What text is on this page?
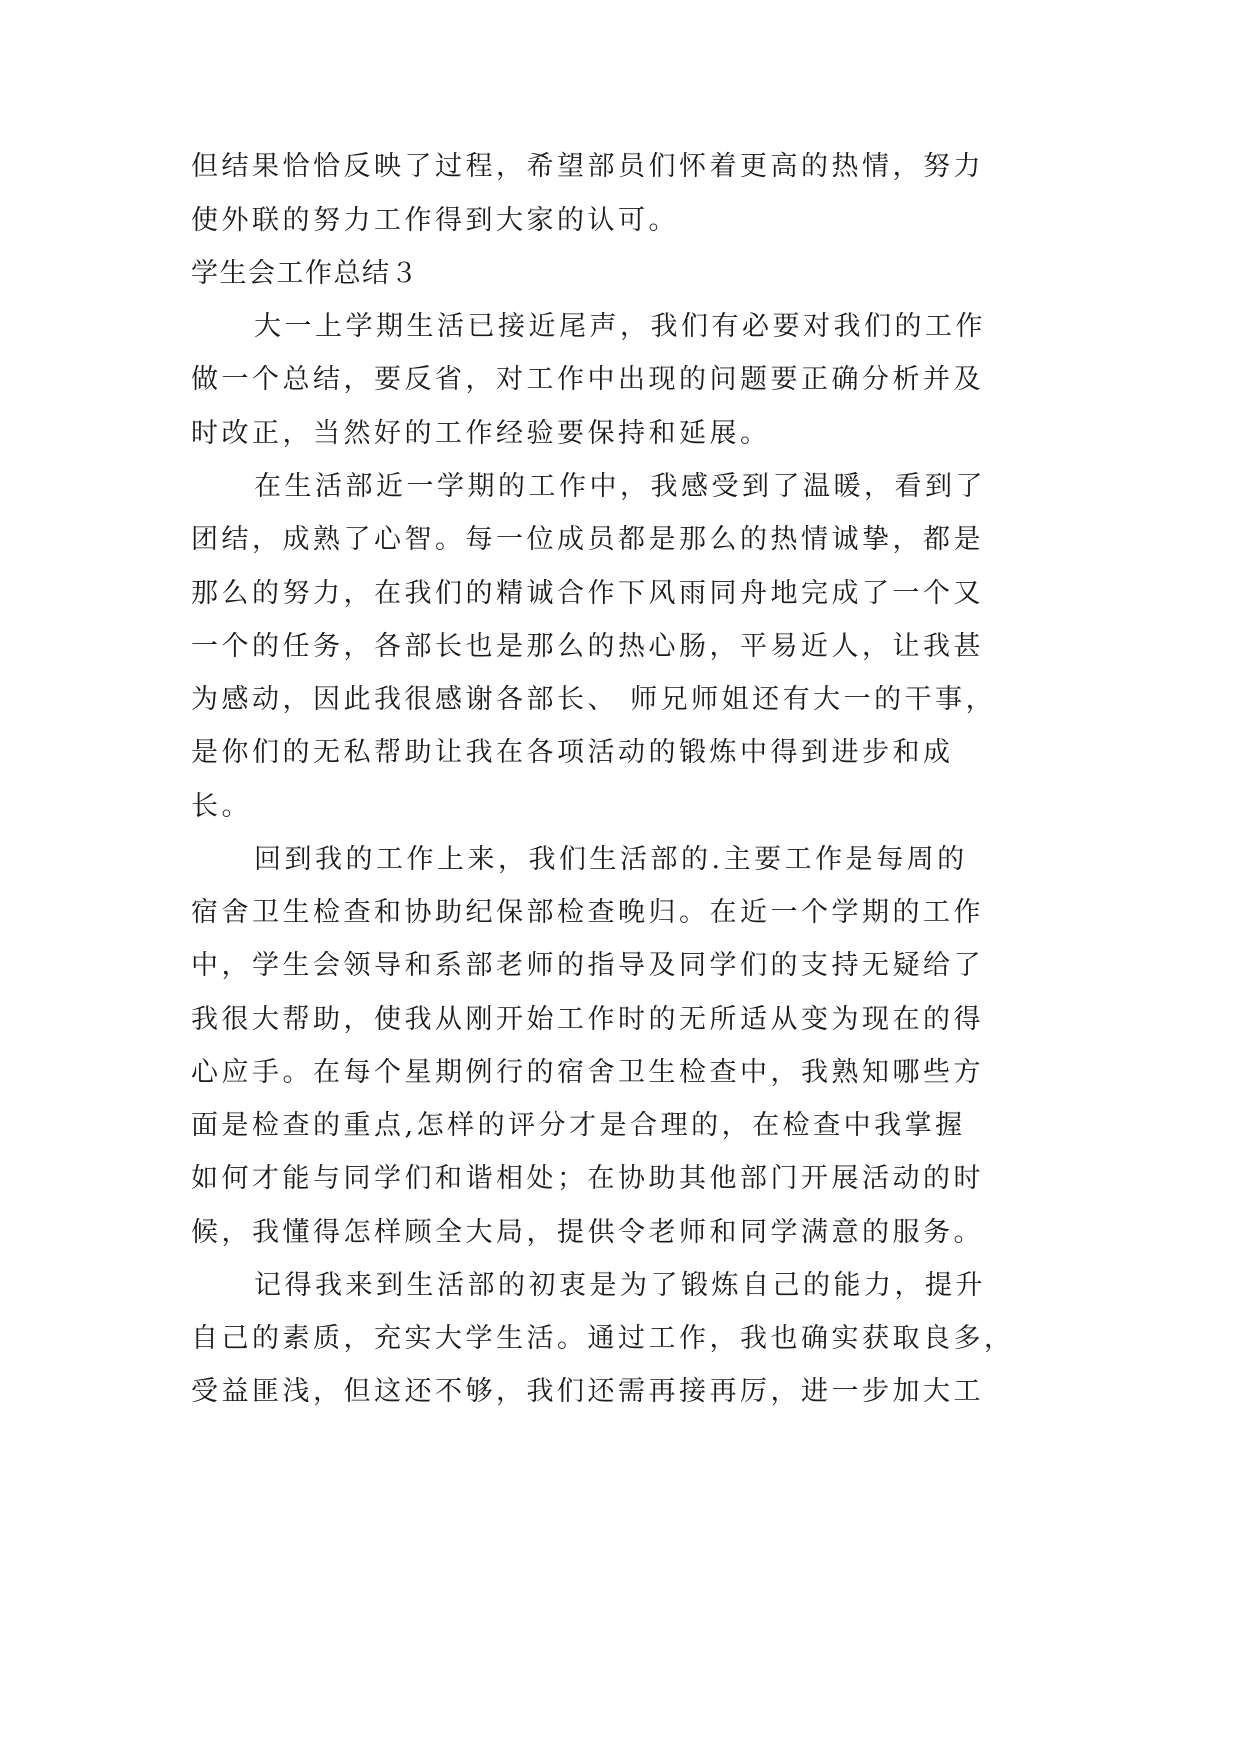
但结果恰恰反映了过程，希望部员们怀着更高的热情，努力
使外联的努力工作得到大家的认可。
学生会工作总结３
大一上学期生活已接近尾声，我们有必要对我们的工作
做一个总结，要反省，对工作中出现的问题要正确分析并及
时改正，当然好的工作经验要保持和延展。
在生活部近一学期的工作中，我感受到了温暖，看到了
团结，成熟了心智。每一位成员都是那么的热情诚挚，都是
那么的努力，在我们的精诚合作下风雨同舟地完成了一个又
一个的任务，各部长也是那么的热心肠，平易近人，让我甚
为感动，因此我很感谢各部长、 师兄师姐还有大一的干事，
是你们的无私帮助让我在各项活动的锻炼中得到进步和成
长。
回到我的工作上来，我们生活部的.主要工作是每周的
宿舍卫生检查和协助纪保部检查晚归。在近一个学期的工作
中，学生会领导和系部老师的指导及同学们的支持无疑给了
我很大帮助，使我从刚开始工作时的无所适从变为现在的得
心应手。在每个星期例行的宿舍卫生检查中，我熟知哪些方
面是检查的重点,怎样的评分才是合理的，在检查中我掌握
如何才能与同学们和谐相处；在协助其他部门开展活动的时
候，我懂得怎样顾全大局，提供令老师和同学满意的服务。
记得我来到生活部的初衷是为了锻炼自己的能力，提升
自己的素质，充实大学生活。通过工作，我也确实获取良多，
受益匪浅，但这还不够，我们还需再接再厉，进一步加大工
